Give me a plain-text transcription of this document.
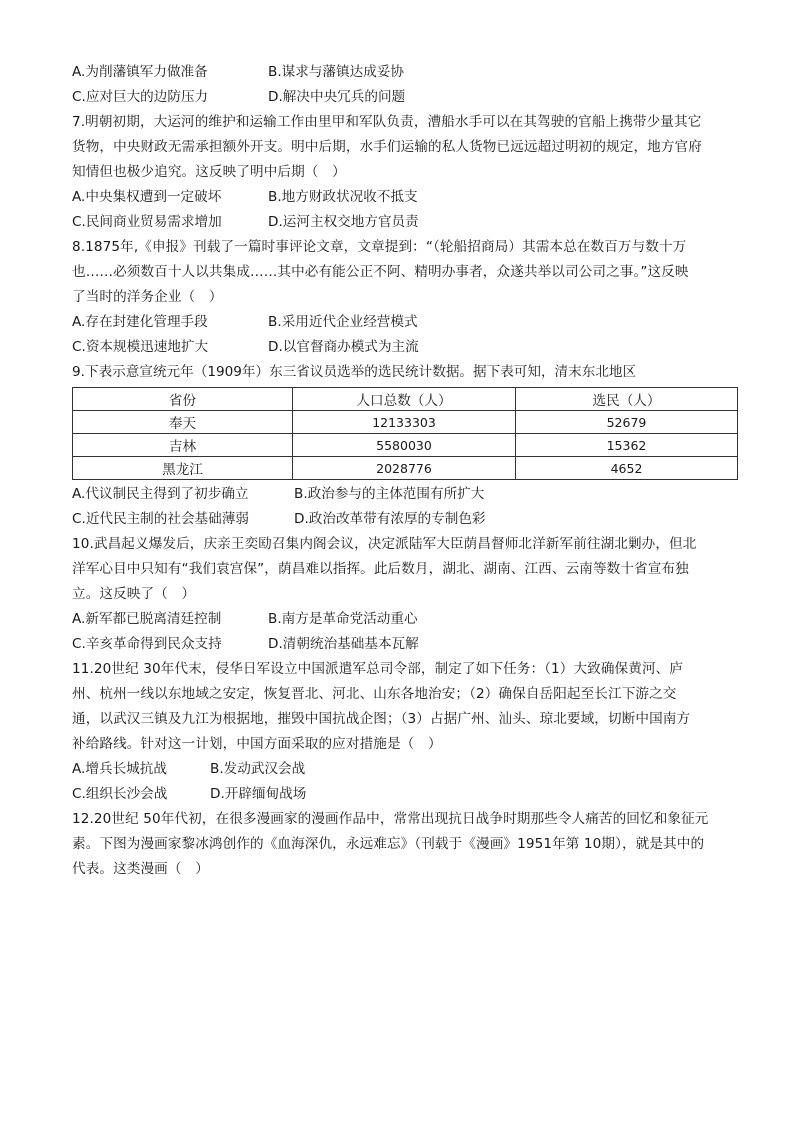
A.为削藩镇军力做准备	B.谋求与藩镇达成妥协
C.应对巨大的边防压力	D.解决中央冗兵的问题
7.明朝初期，大运河的维护和运输工作由里甲和军队负责，漕船水手可以在其驾驶的官船上携带少量其它
货物，中央财政无需承担额外开支。明中后期，水手们运输的私人货物已远远超过明初的规定，地方官府
知情但也极少追究。这反映了明中后期（　）
A.中央集权遭到一定破坏	B.地方财政状况收不抵支
C.民间商业贸易需求增加	D.运河主权交地方官员责
8.1875年,《申报》刊载了一篇时事评论文章，文章提到：“（轮船招商局）其需本总在数百万与数十万
也……必须数百十人以共集成……其中必有能公正不阿、精明办事者，众遂共举以司公司之事。”这反映
了当时的洋务企业（　）
A.存在封建化管理手段	B.采用近代企业经营模式
C.资本规模迅速地扩大	D.以官督商办模式为主流
9.下表示意宣统元年（1909年）东三省议员选举的选民统计数据。据下表可知，清末东北地区
省份	人口总数（人）	选民（人）
奉天	12133303	52679
吉林	5580030	15362
黑龙江	2028776	4652
A.代议制民主得到了初步确立	B.政治参与的主体范围有所扩大
C.近代民主制的社会基础薄弱	D.政治改革带有浓厚的专制色彩
10.武昌起义爆发后，庆亲王奕劻召集内阁会议，决定派陆军大臣荫昌督师北洋新军前往湖北剿办，但北
洋军心目中只知有“我们袁宫保”，荫昌难以指挥。此后数月，湖北、湖南、江西、云南等数十省宣布独
立。这反映了（　）
A.新军都已脱离清廷控制	B.南方是革命党活动重心
C.辛亥革命得到民众支持	D.清朝统治基础基本瓦解
11.20世纪 30年代末，侵华日军设立中国派遣军总司令部，制定了如下任务：（1）大致确保黄河、庐
州、杭州一线以东地域之安定，恢复晋北、河北、山东各地治安；（2）确保自岳阳起至长江下游之交
通，以武汉三镇及九江为根据地，摧毁中国抗战企图；（3）占据广州、汕头、琼北要域，切断中国南方
补给路线。针对这一计划，中国方面采取的应对措施是（　）
A.增兵长城抗战	B.发动武汉会战
C.组织长沙会战	D.开辟缅甸战场
12.20世纪 50年代初，在很多漫画家的漫画作品中，常常出现抗日战争时期那些令人痛苦的回忆和象征元
素。下图为漫画家黎冰鸿创作的《血海深仇，永远难忘》（刊载于《漫画》1951年第 10期），就是其中的
代表。这类漫画（　）
